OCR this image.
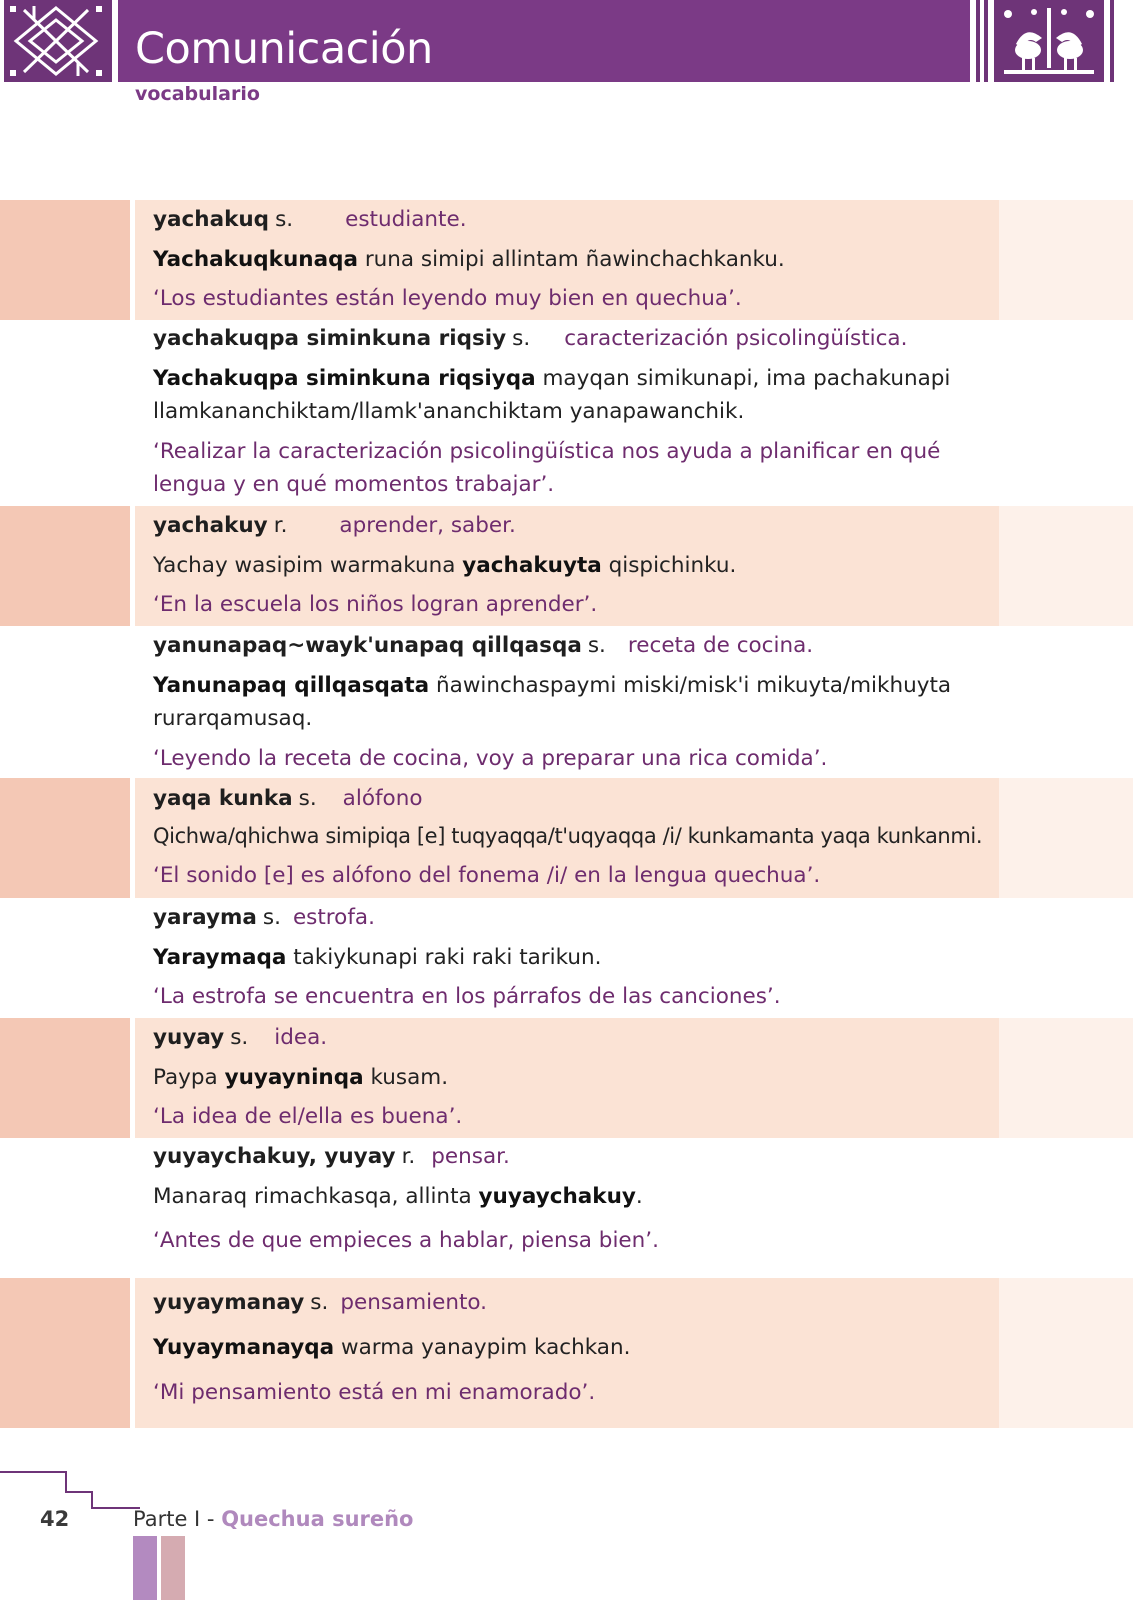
Comunicación
vocabulario
yachakuq s. estudiante.
Yachakuqkunaqa runa simipi allintam ñawinchachkanku.
‘Los estudiantes están leyendo muy bien en quechua’.
yachakuqpa siminkuna riqsiy s. caracterización psicolingüística.
Yachakuqpa siminkuna riqsiyqa mayqan simikunapi, ima pachakunapi llamkananchiktam/llamk'ananchiktam yanapawanchik.
‘Realizar la caracterización psicolingüística nos ayuda a planificar en qué lengua y en qué momentos trabajar’.
yachakuy r. aprender, saber.
Yachay wasipim warmakuna yachakuyta qispichinku.
‘En la escuela los niños logran aprender’.
yanunapaq~wayk'unapaq qillqasqa s. receta de cocina.
Yanunapaq qillqasqata ñawinchaspaymi miski/misk'i mikuyta/mikhuyta rurarqamusaq.
‘Leyendo la receta de cocina, voy a preparar una rica comida’.
yaqa kunka s. alófono
Qichwa/qhichwa simipiqa [e] tuqyaqqa/t'uqyaqqa /i/ kunkamanta yaqa kunkanmi.
‘El sonido [e] es alófono del fonema /i/ en la lengua quechua’.
yarayma s. estrofa.
Yaraymaqa takiykunapi raki raki tarikun.
‘La estrofa se encuentra en los párrafos de las canciones’.
yuyay s. idea.
Paypa yuyayninqa kusam.
‘La idea de el/ella es buena’.
yuyaychakuy, yuyay r. pensar.
Manaraq rimachkasqa, allinta yuyaychakuy.
‘Antes de que empieces a hablar, piensa bien’.
yuyaymanay s. pensamiento.
Yuyaymanayqa warma yanaypim kachkan.
‘Mi pensamiento está en mi enamorado’.
42	Parte I - Quechua sureño
